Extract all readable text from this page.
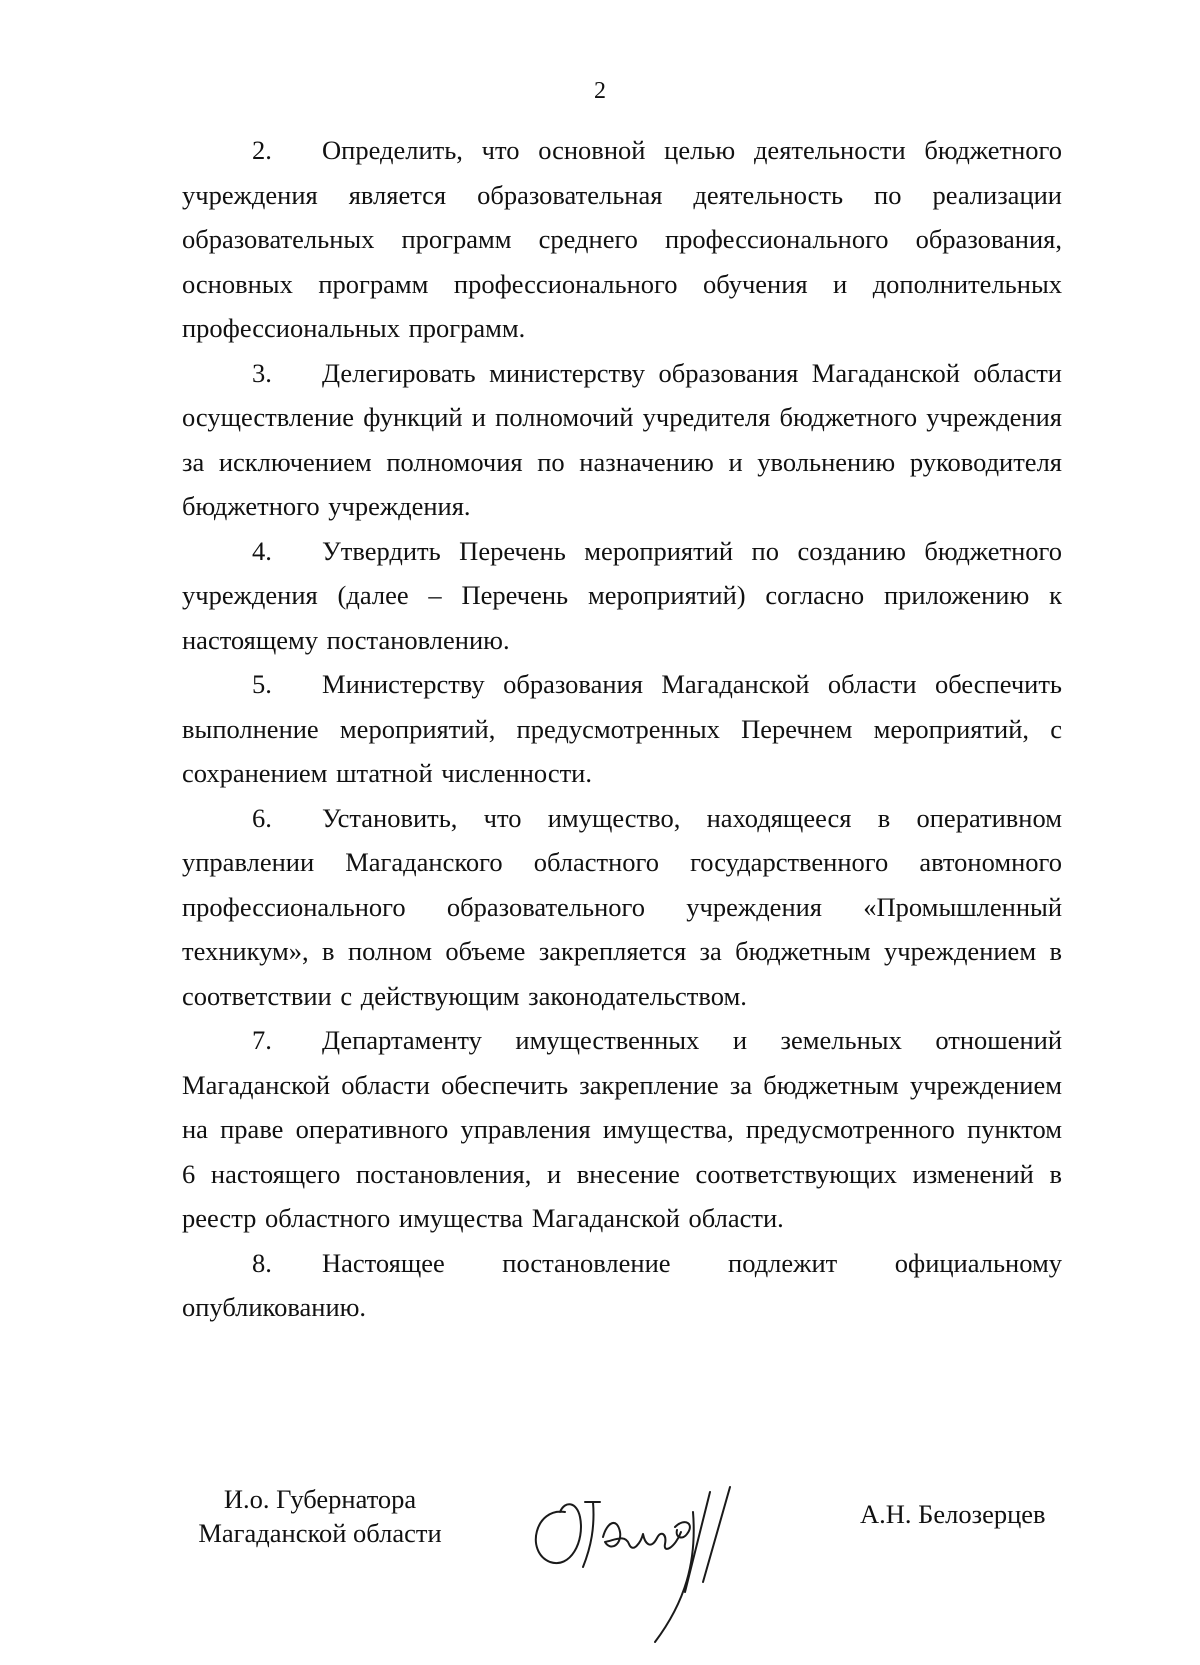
2

2. Определить, что основной целью деятельности бюджетного учреждения является образовательная деятельность по реализации образовательных программ среднего профессионального образования, основных программ профессионального обучения и дополнительных профессиональных программ.

3. Делегировать министерству образования Магаданской области осуществление функций и полномочий учредителя бюджетного учреждения за исключением полномочия по назначению и увольнению руководителя бюджетного учреждения.

4. Утвердить Перечень мероприятий по созданию бюджетного учреждения (далее – Перечень мероприятий) согласно приложению к настоящему постановлению.

5. Министерству образования Магаданской области обеспечить выполнение мероприятий, предусмотренных Перечнем мероприятий, с сохранением штатной численности.

6. Установить, что имущество, находящееся в оперативном управлении Магаданского областного государственного автономного профессионального образовательного учреждения «Промышленный техникум», в полном объеме закрепляется за бюджетным учреждением в соответствии с действующим законодательством.

7. Департаменту имущественных и земельных отношений Магаданской области обеспечить закрепление за бюджетным учреждением на праве оперативного управления имущества, предусмотренного пунктом 6 настоящего постановления, и внесение соответствующих изменений в реестр областного имущества Магаданской области.

8. Настоящее постановление подлежит официальному опубликованию.

И.о. Губернатора
Магаданской области
А.Н. Белозерцев
